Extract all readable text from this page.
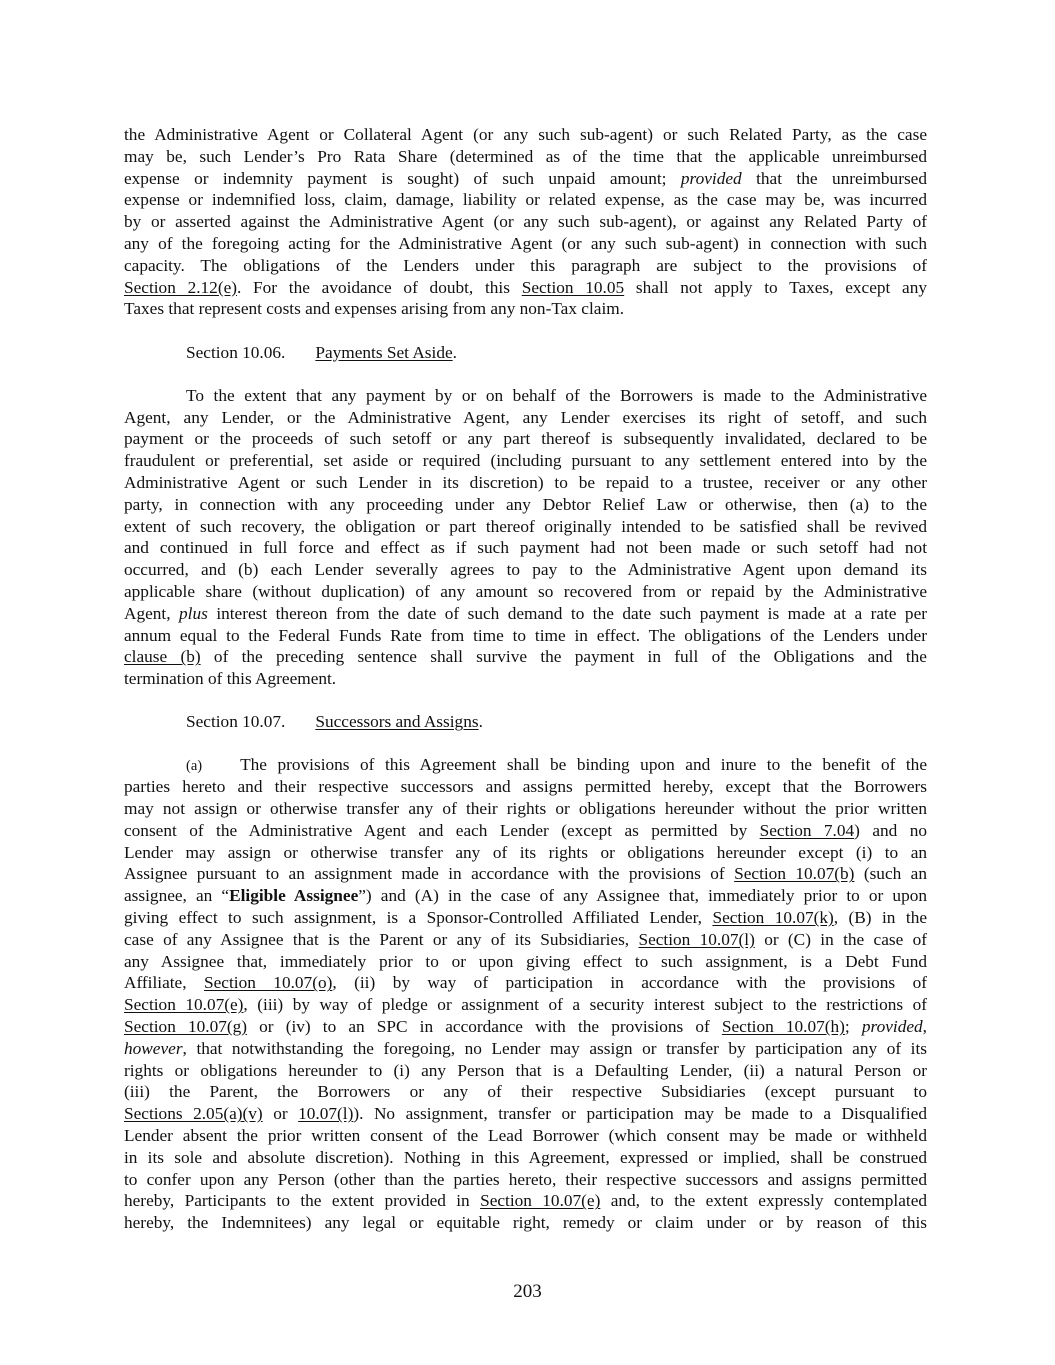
the Administrative Agent or Collateral Agent (or any such sub-agent) or such Related Party, as the case
may be, such Lender’s Pro Rata Share (determined as of the time that the applicable unreimbursed
expense or indemnity payment is sought) of such unpaid amount; provided that the unreimbursed
expense or indemnified loss, claim, damage, liability or related expense, as the case may be, was incurred
by or asserted against the Administrative Agent (or any such sub-agent), or against any Related Party of
any of the foregoing acting for the Administrative Agent (or any such sub-agent) in connection with such
capacity. The obligations of the Lenders under this paragraph are subject to the provisions of
Section 2.12(e). For the avoidance of doubt, this Section 10.05 shall not apply to Taxes, except any
Taxes that represent costs and expenses arising from any non-Tax claim.
Section 10.06. Payments Set Aside.
To the extent that any payment by or on behalf of the Borrowers is made to the Administrative
Agent, any Lender, or the Administrative Agent, any Lender exercises its right of setoff, and such
payment or the proceeds of such setoff or any part thereof is subsequently invalidated, declared to be
fraudulent or preferential, set aside or required (including pursuant to any settlement entered into by the
Administrative Agent or such Lender in its discretion) to be repaid to a trustee, receiver or any other
party, in connection with any proceeding under any Debtor Relief Law or otherwise, then (a) to the
extent of such recovery, the obligation or part thereof originally intended to be satisfied shall be revived
and continued in full force and effect as if such payment had not been made or such setoff had not
occurred, and (b) each Lender severally agrees to pay to the Administrative Agent upon demand its
applicable share (without duplication) of any amount so recovered from or repaid by the Administrative
Agent, plus interest thereon from the date of such demand to the date such payment is made at a rate per
annum equal to the Federal Funds Rate from time to time in effect. The obligations of the Lenders under
clause (b) of the preceding sentence shall survive the payment in full of the Obligations and the
termination of this Agreement.
Section 10.07. Successors and Assigns.
(a) The provisions of this Agreement shall be binding upon and inure to the benefit of the
parties hereto and their respective successors and assigns permitted hereby, except that the Borrowers
may not assign or otherwise transfer any of their rights or obligations hereunder without the prior written
consent of the Administrative Agent and each Lender (except as permitted by Section 7.04) and no
Lender may assign or otherwise transfer any of its rights or obligations hereunder except (i) to an
Assignee pursuant to an assignment made in accordance with the provisions of Section 10.07(b) (such an
assignee, an “Eligible Assignee”) and (A) in the case of any Assignee that, immediately prior to or upon
giving effect to such assignment, is a Sponsor-Controlled Affiliated Lender, Section 10.07(k), (B) in the
case of any Assignee that is the Parent or any of its Subsidiaries, Section 10.07(l) or (C) in the case of
any Assignee that, immediately prior to or upon giving effect to such assignment, is a Debt Fund
Affiliate, Section 10.07(o), (ii) by way of participation in accordance with the provisions of
Section 10.07(e), (iii) by way of pledge or assignment of a security interest subject to the restrictions of
Section 10.07(g) or (iv) to an SPC in accordance with the provisions of Section 10.07(h); provided,
however, that notwithstanding the foregoing, no Lender may assign or transfer by participation any of its
rights or obligations hereunder to (i) any Person that is a Defaulting Lender, (ii) a natural Person or
(iii) the Parent, the Borrowers or any of their respective Subsidiaries (except pursuant to
Sections 2.05(a)(v) or 10.07(l)). No assignment, transfer or participation may be made to a Disqualified
Lender absent the prior written consent of the Lead Borrower (which consent may be made or withheld
in its sole and absolute discretion). Nothing in this Agreement, expressed or implied, shall be construed
to confer upon any Person (other than the parties hereto, their respective successors and assigns permitted
hereby, Participants to the extent provided in Section 10.07(e) and, to the extent expressly contemplated
hereby, the Indemnitees) any legal or equitable right, remedy or claim under or by reason of this
203
